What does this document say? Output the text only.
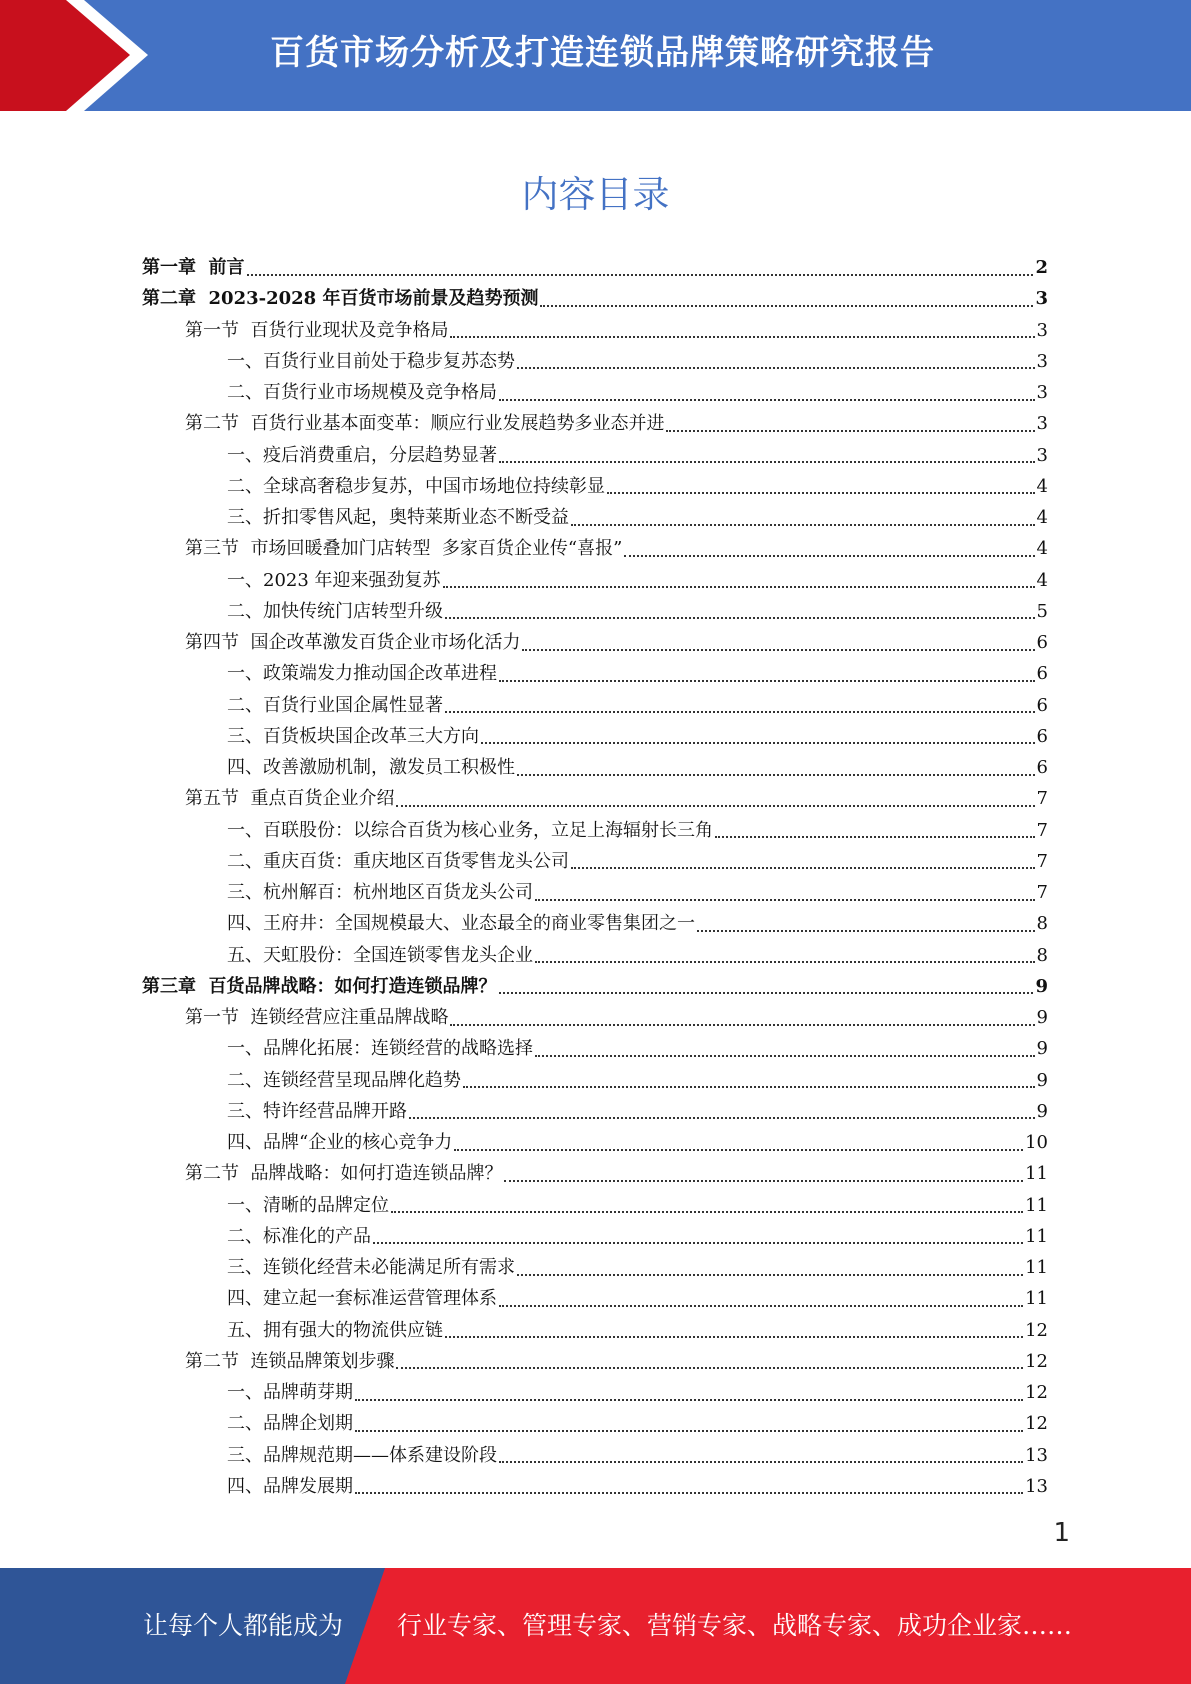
百货市场分析及打造连锁品牌策略研究报告
内容目录
第一章  前言	2
第二章  2023-2028 年百货市场前景及趋势预测	3
第一节  百货行业现状及竞争格局	3
一、百货行业目前处于稳步复苏态势	3
二、百货行业市场规模及竞争格局	3
第二节  百货行业基本面变革：顺应行业发展趋势多业态并进	3
一、疫后消费重启，分层趋势显著	3
二、全球高奢稳步复苏，中国市场地位持续彰显	4
三、折扣零售风起，奥特莱斯业态不断受益	4
第三节  市场回暖叠加门店转型  多家百货企业传“喜报”	4
一、2023 年迎来强劲复苏	4
二、加快传统门店转型升级	5
第四节  国企改革激发百货企业市场化活力	6
一、政策端发力推动国企改革进程	6
二、百货行业国企属性显著	6
三、百货板块国企改革三大方向	6
四、改善激励机制，激发员工积极性	6
第五节  重点百货企业介绍	7
一、百联股份：以综合百货为核心业务，立足上海辐射长三角	7
二、重庆百货：重庆地区百货零售龙头公司	7
三、杭州解百：杭州地区百货龙头公司	7
四、王府井：全国规模最大、业态最全的商业零售集团之一	8
五、天虹股份：全国连锁零售龙头企业	8
第三章  百货品牌战略：如何打造连锁品牌？	9
第一节  连锁经营应注重品牌战略	9
一、品牌化拓展：连锁经营的战略选择	9
二、连锁经营呈现品牌化趋势	9
三、特许经营品牌开路	9
四、品牌“企业的核心竞争力	10
第二节  品牌战略：如何打造连锁品牌？	11
一、清晰的品牌定位	11
二、标准化的产品	11
三、连锁化经营未必能满足所有需求	11
四、建立起一套标准运营管理体系	11
五、拥有强大的物流供应链	12
第二节  连锁品牌策划步骤	12
一、品牌萌芽期	12
二、品牌企划期	12
三、品牌规范期——体系建设阶段	13
四、品牌发展期	13
1
让每个人都能成为 行业专家、管理专家、营销专家、战略专家、成功企业家……
